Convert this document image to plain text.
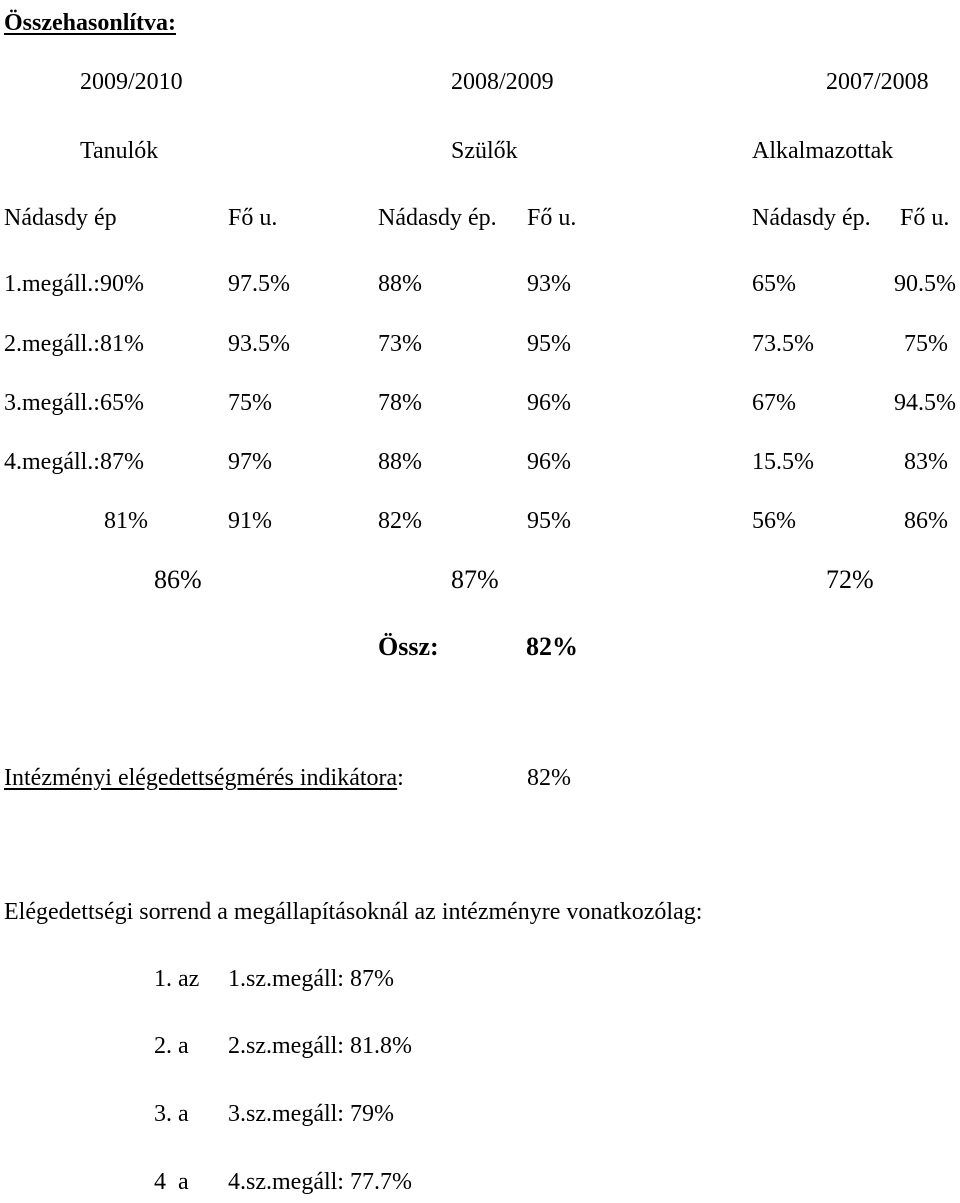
Összehasonlítva:
2009/2010	2008/2009	2007/2008
Tanulók	Szülők	Alkalmazottak
Nádasdy ép	Fő u.	Nádasdy ép. Fő u.	Nádasdy ép. Fő u.
1.megáll.:90%	97.5%	88%	93%	65%	90.5%
2.megáll.:81%	93.5%	73%	95%	73.5%	75%
3.megáll.:65%	75%	78%	96%	67%	94.5%
4.megáll.:87%	97%	88%	96%	15.5%	83%
81%	91%	82%	95%	56%	86%
86%	87%	72%
Össz:	82%
Intézményi elégedettségmérés indikátora:	82%
Elégedettségi sorrend a megállapításoknál az intézményre vonatkozólag:
1. az 1.sz.megáll: 87%
2. a 2.sz.megáll: 81.8%
3. a 3.sz.megáll: 79%
4  a 4.sz.megáll: 77.7%
